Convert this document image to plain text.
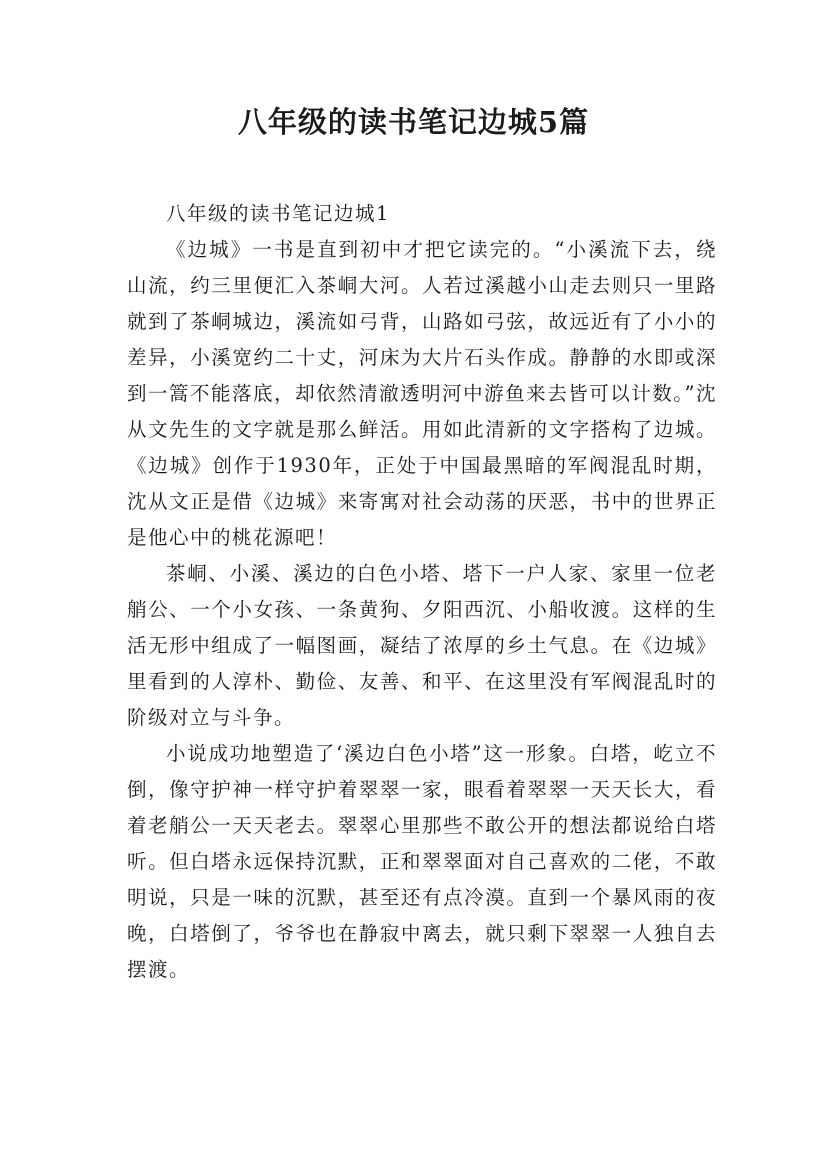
八年级的读书笔记边城5篇

八年级的读书笔记边城1

《边城》一书是直到初中才把它读完的。“小溪流下去，绕山流，约三里便汇入茶峒大河。人若过溪越小山走去则只一里路就到了茶峒城边，溪流如弓背，山路如弓弦，故远近有了小小的差异，小溪宽约二十丈，河床为大片石头作成。静静的水即或深到一篙不能落底，却依然清澈透明河中游鱼来去皆可以计数。”沈从文先生的文字就是那么鲜活。用如此清新的文字搭构了边城。《边城》创作于1930年，正处于中国最黑暗的军阀混乱时期，沈从文正是借《边城》来寄寓对社会动荡的厌恶，书中的世界正是他心中的桃花源吧！

茶峒、小溪、溪边的白色小塔、塔下一户人家、家里一位老艄公、一个小女孩、一条黄狗、夕阳西沉、小船收渡。这样的生活无形中组成了一幅图画，凝结了浓厚的乡土气息。在《边城》里看到的人淳朴、勤俭、友善、和平、在这里没有军阀混乱时的阶级对立与斗争。

小说成功地塑造了‘溪边白色小塔”这一形象。白塔，屹立不倒，像守护神一样守护着翠翠一家，眼看着翠翠一天天长大，看着老艄公一天天老去。翠翠心里那些不敢公开的想法都说给白塔听。但白塔永远保持沉默，正和翠翠面对自己喜欢的二佬，不敢明说，只是一味的沉默，甚至还有点冷漠。直到一个暴风雨的夜晚，白塔倒了，爷爷也在静寂中离去，就只剩下翠翠一人独自去摆渡。
